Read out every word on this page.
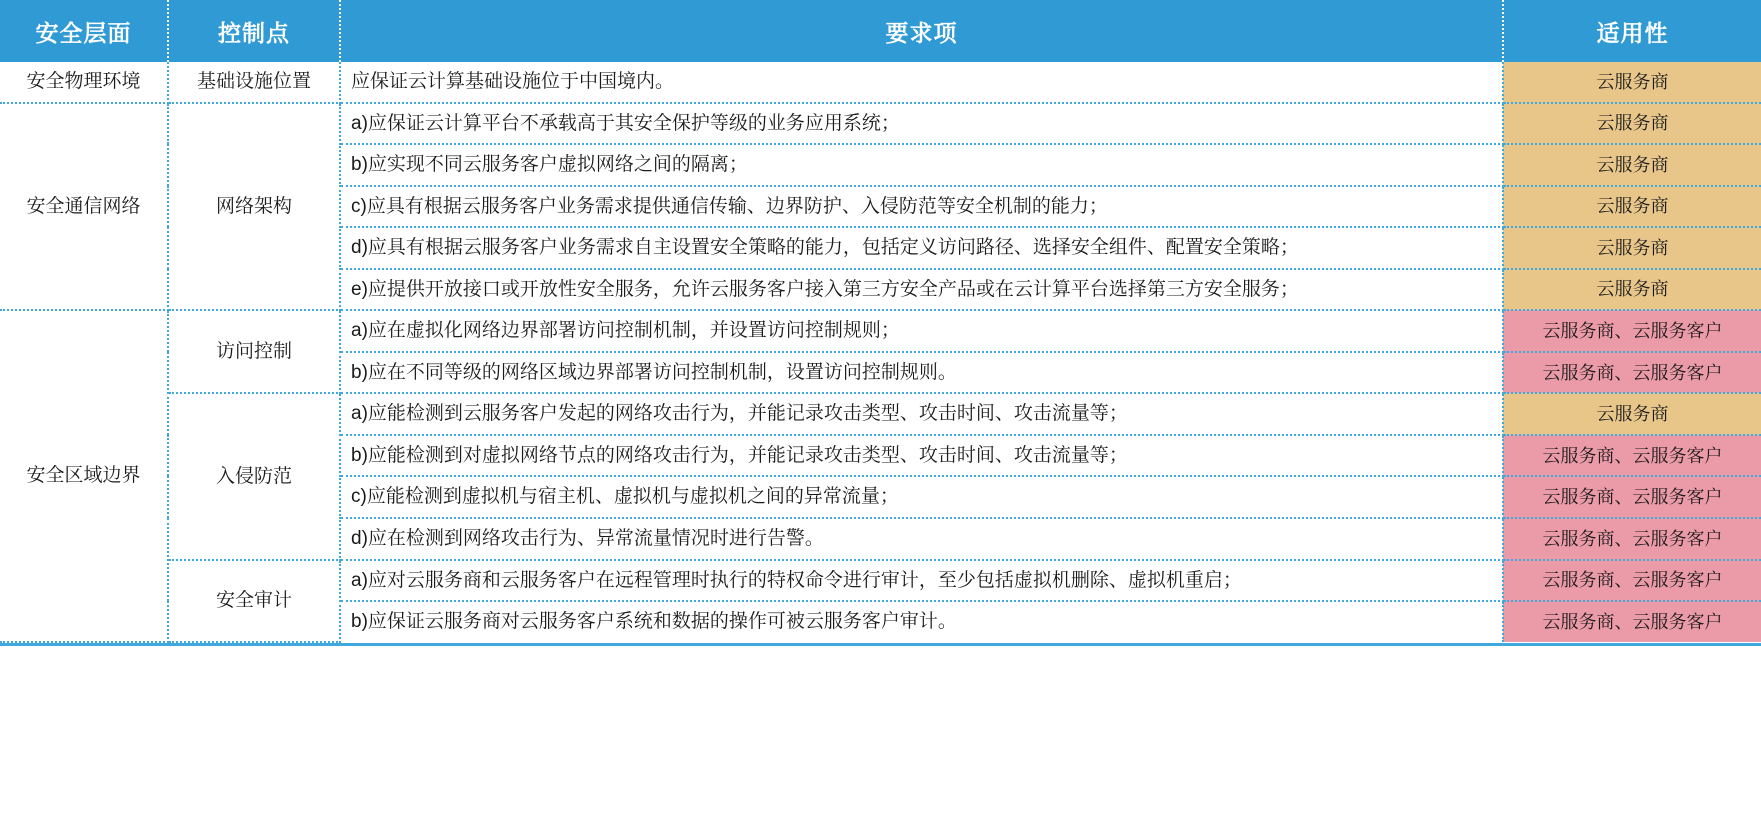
安全层面	控制点	要求项	适用性
安全物理环境	基础设施位置	应保证云计算基础设施位于中国境内。	云服务商
安全通信网络	网络架构	a)应保证云计算平台不承载高于其安全保护等级的业务应用系统；	云服务商
		b)应实现不同云服务客户虚拟网络之间的隔离；	云服务商
		c)应具有根据云服务客户业务需求提供通信传输、边界防护、入侵防范等安全机制的能力；	云服务商
		d)应具有根据云服务客户业务需求自主设置安全策略的能力，包括定义访问路径、选择安全组件、配置安全策略；	云服务商
		e)应提供开放接口或开放性安全服务，允许云服务客户接入第三方安全产品或在云计算平台选择第三方安全服务；	云服务商
安全区域边界	访问控制	a)应在虚拟化网络边界部署访问控制机制，并设置访问控制规则；	云服务商、云服务客户
		b)应在不同等级的网络区域边界部署访问控制机制，设置访问控制规则。	云服务商、云服务客户
	入侵防范	a)应能检测到云服务客户发起的网络攻击行为，并能记录攻击类型、攻击时间、攻击流量等；	云服务商
		b)应能检测到对虚拟网络节点的网络攻击行为，并能记录攻击类型、攻击时间、攻击流量等；	云服务商、云服务客户
		c)应能检测到虚拟机与宿主机、虚拟机与虚拟机之间的异常流量；	云服务商、云服务客户
		d)应在检测到网络攻击行为、异常流量情况时进行告警。	云服务商、云服务客户
	安全审计	a)应对云服务商和云服务客户在远程管理时执行的特权命令进行审计，至少包括虚拟机删除、虚拟机重启；	云服务商、云服务客户
		b)应保证云服务商对云服务客户系统和数据的操作可被云服务客户审计。	云服务商、云服务客户
